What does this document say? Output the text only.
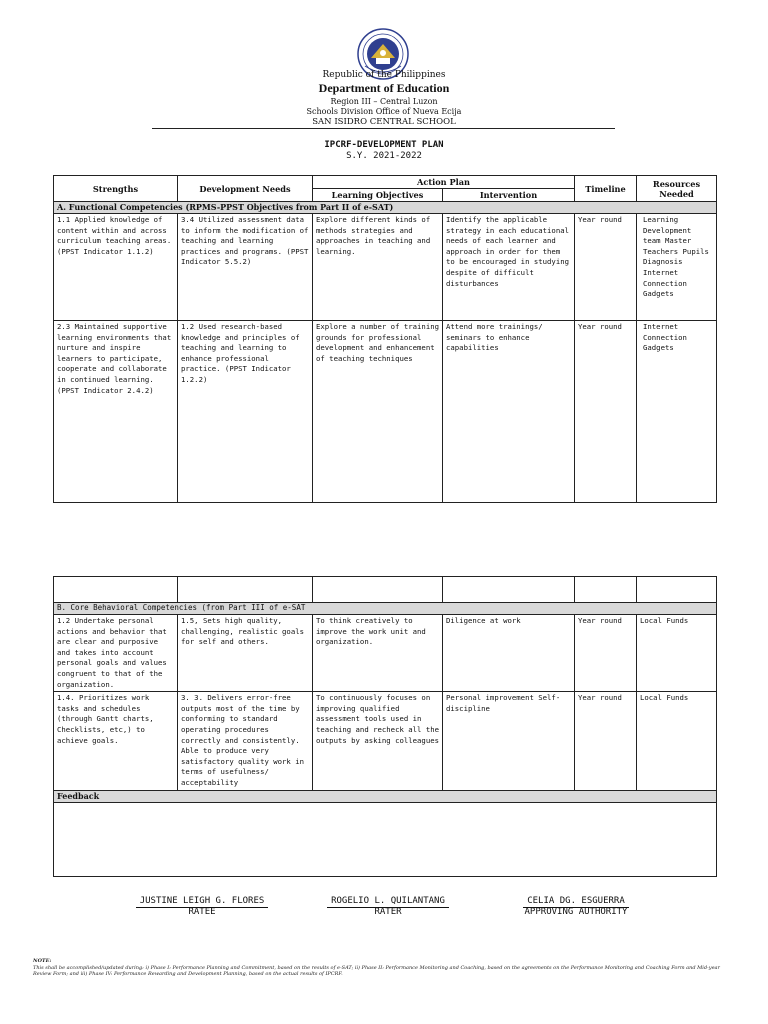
Republic of the Philippines
Department of Education
Region III – Central Luzon
Schools Division Office of Nueva Ecija
SAN ISIDRO CENTRAL SCHOOL
IPCRF-DEVELOPMENT PLAN
S.Y. 2021-2022
Strengths	Development Needs	Action Plan		Timeline	Resources Needed
		Learning Objectives	Intervention		
A. Functional Competencies (RPMS-PPST Objectives from Part II of e-SAT)					
1.1 Applied knowledge of content within and across curriculum teaching areas. (PPST Indicator 1.1.2)	3.4 Utilized assessment data to inform the modification of teaching and learning practices and programs. (PPST Indicator 5.5.2)	Explore different kinds of methods strategies and approaches in teaching and learning.	Identify the applicable strategy in each educational needs of each learner and approach in order for them to be encouraged in studying despite of difficult disturbances	Year round	Learning Development team Master Teachers Pupils Diagnosis Internet Connection Gadgets
2.3 Maintained supportive learning environments that nurture and inspire learners to participate, cooperate and collaborate in continued learning. (PPST Indicator 2.4.2)	1.2 Used research-based knowledge and principles of teaching and learning to enhance professional practice. (PPST Indicator 1.2.2)	Explore a number of training grounds for professional development and enhancement of teaching techniques	Attend more trainings/ seminars to enhance capabilities	Year round	Internet Connection Gadgets

B. Core Behavioral Competencies (from Part III of e-SAT					
1.2 Undertake personal actions and behavior that are clear and purposive and takes into account personal goals and values congruent to that of the organization.	1.5, Sets high quality, challenging, realistic goals for self and others.	To think creatively to improve the work unit and organization.	Diligence at work	Year round	Local Funds
1.4. Prioritizes work tasks and schedules (through Gantt charts, Checklists, etc,) to achieve goals.	3. 3. Delivers error-free outputs most of the time by conforming to standard operating procedures correctly and consistently. Able to produce very satisfactory quality work in terms of usefulness/ acceptability	To continuously focuses on improving qualified assessment tools used in teaching and recheck all the outputs by asking colleagues	Personal improvement Self-discipline	Year round	Local Funds
Feedback					

JUSTINE LEIGH G. FLORES
RATEE
ROGELIO L. QUILANTANG
RATER
CELIA DG. ESGUERRA
APPROVING AUTHORITY
NOTE:
This shall be accomplished/updated during: i) Phase I: Performance Planning and Commitment, based on the results of e-SAT; ii) Phase II: Performance Monitoring and Coaching, based on the agreements on the Performance Monitoring and Coaching Form and Mid-year Review Form; and iii) Phase IV: Performance Rewarding and Development Planning, based on the actual results of IPCRF.
